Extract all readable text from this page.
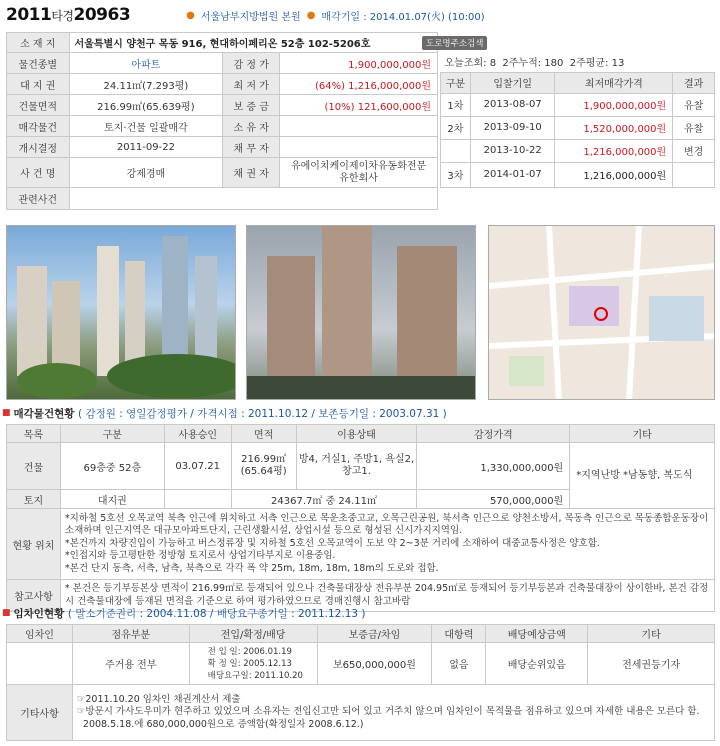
2011타경20963	● 서울남부지방법원 본원 ● 매각기일 : 2014.01.07(火) (10:00)
소 재 지	서울특별시 양천구 목동 916, 현대하이페리온 52층 102-5206호		
물건종별	아파트	감 정 가	1,900,000,000원
대 지 권	24.11㎡(7.293평)	최 저 가	(64%) 1,216,000,000원
건물면적	216.99㎡(65.639평)	보 증 금	(10%) 121,600,000원
매각물건	토지·건물 일괄매각	소 유 자	
개시결정	2011-09-22	채 무 자	
사 건 명	강제경매	채 권 자	유에이치케이제이차유동화전문유한회사
관련사건			
도로명주소검색
오늘조회: 8  2주누적: 180  2주평균: 13			
구분	입찰기일	최저매각가격	결과
1차	2013-08-07	1,900,000,000원	유찰
2차	2013-09-10	1,520,000,000원	유찰
	2013-10-22	1,216,000,000원	변경
3차	2014-01-07	1,216,000,000원	
■ 매각물건현황
( 감정원 : 영일감정평가 / 가격시점 : 2011.10.12 / 보존등기일 : 2003.07.31 )
목록	구분	사용승인	면적	이용상태	감정가격	기타
건물	69층중 52층	03.07.21	216.99㎡ (65.64평)	방4, 거실1, 주방1, 욕실2, 창고1.	1,330,000,000원	*지역난방 *남동향, 복도식
토지	대지권		24367.7㎡ 중 24.11㎡		570,000,000원	
현황 위치	*지하철 5호선 오목교역 북측 인근에 위치하고 서측 인근으로 목운초중고교, 오목근린공원, 북서측 인근으로 양천소방서, 목동측 인근으로 목동종합운동장이 소재하며 인근지역은 대규모아파트단지, 근린생활시설, 상업시설 등으로 형성된 신시가지지역임.
*본건까지 차량진입이 가능하고 버스정류장 및 지하철 5호선 오목교역이 도보 약 2~3분 거리에 소재하여 대중교통사정은 양호함.
*인접지와 등고평탄한 정방형 토지로서 상업기타부지로 이용중임.
*본건 단지 동측, 서측, 남측, 북측으로 각각 폭 약 25m, 18m, 18m, 18m의 도로와 접함.					

참고사항	* 본건은 등기부등본상 면적이 216.99㎡로 등재되어 있으나 건축물대장상 전유부분 204.95㎡로 등재되어 등기부등본과 건축물대장이 상이한바, 본건 감정시 건축물대장에 등재된 면적을 기준으로 하여 평가하였으므로 경매진행시 참고바람					
■ 임차인현황
( 말소기준권리 : 2004.11.08 / 배당요구종기일 : 2011.12.13 )
임차인	점유부분	전입/확정/배당	보증금/차임	대항력	배당예상금액	기타
	주거용 전부	전 입 일: 2006.01.19
확 정 일: 2005.12.13
배당요구일: 2011.10.20	보650,000,000원	없음	배당순위있음	전세권등기자
기타사항	☞2011.10.20 임차인 채권계산서 제출
☞방문시 가사도우미가 현주하고 있었으며 소유자는 전입신고만 되어 있고 거주치 않으며 임차인이 목적물을 점유하고 있으며 자세한 내용은 모른다 함.
2008.5.18.에 680,000,000원으로 증액함(확정일자 2008.6.12.)					
